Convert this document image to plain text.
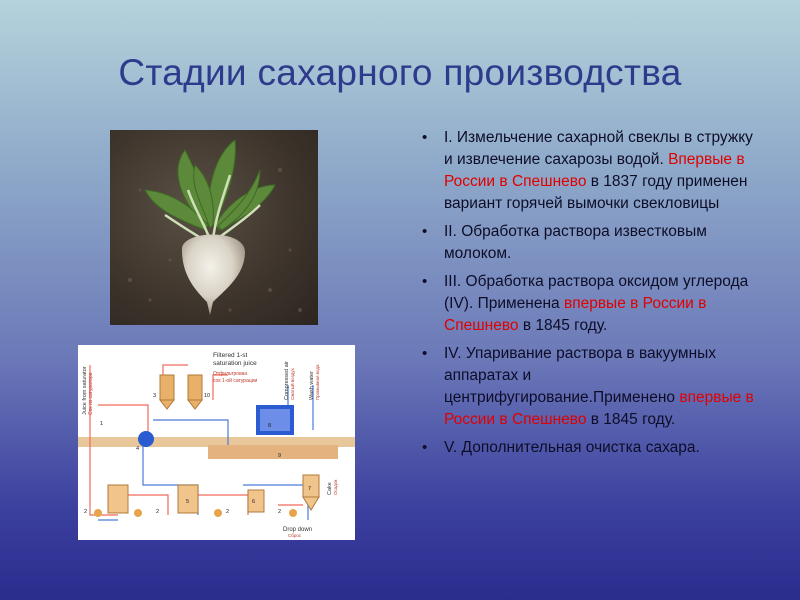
Стадии сахарного производства
Juice from saturator Сок из сатуратора
Filtered 1-st
saturation juice
Отфильтрован.
сок 1-ой сатурации	Compressed air Сжатый воздух	Wash water Промывная вода
Cake Осадок
Drop down
Сброс
1
3	10
4
5	6
7
8
9
2	2	2	2
• I. Измельчение сахарной свеклы в стружку и извлечение сахарозы водой. Впервые в России в Спешнево в 1837 году применен вариант горячей вымочки свекловицы
• II. Обработка раствора известковым молоком.
• III. Обработка раствора оксидом углерода (IV). Применена впервые в России в Спешнево в 1845 году.
• IV. Упаривание раствора в вакуумных аппаратах и центрифугирование.Применено впервые в России в Спешнево в 1845 году.
• V. Дополнительная очистка сахара.
